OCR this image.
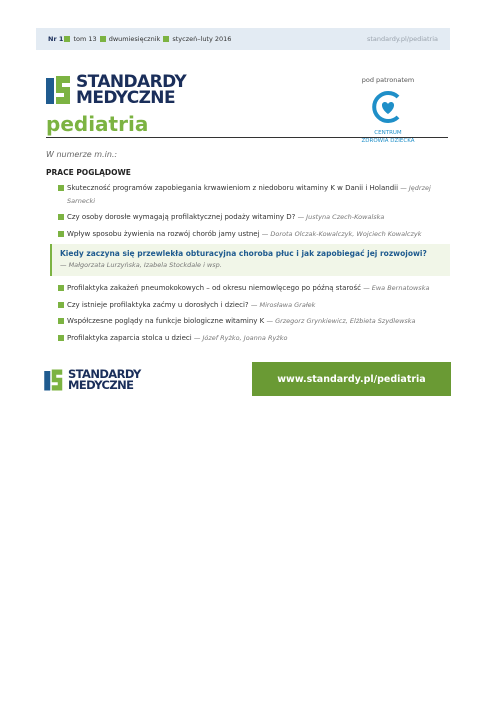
Nr 1 tom 13
dwumiesięcznik
styczeń–luty 2016	standardy.pl/pediatria
STANDARDY
MEDYCZNE
pediatria
pod patronatem
CENTRUM
ZDROWIA DZIECKA
W numerze m.in.:
PRACE POGLĄDOWE
Skuteczność programów zapobiegania krwawieniom z niedoboru witaminy K w Danii i Holandii — Jędrzej Sarnecki
Czy osoby dorosłe wymagają profilaktycznej podaży witaminy D? — Justyna Czech-Kowalska
Wpływ sposobu żywienia na rozwój chorób jamy ustnej — Dorota Olczak-Kowalczyk, Wojciech Kowalczyk
Kiedy zaczyna się przewlekła obturacyjna choroba płuc i jak zapobiegać jej rozwojowi?
— Małgorzata Lurzyńska, Izabela Stockdale i wsp.
Profilaktyka zakażeń pneumokokowych – od okresu niemowlęcego po późną starość — Ewa Bernatowska
Czy istnieje profilaktyka zaćmy u dorosłych i dzieci? — Mirosława Grałek
Współczesne poglądy na funkcje biologiczne witaminy K — Grzegorz Grynkiewicz, Elżbieta Szydlewska
Profilaktyka zaparcia stolca u dzieci — Józef Ryżko, Joanna Ryżko
STANDARDY
MEDYCZNE	www.standardy.pl/pediatria
